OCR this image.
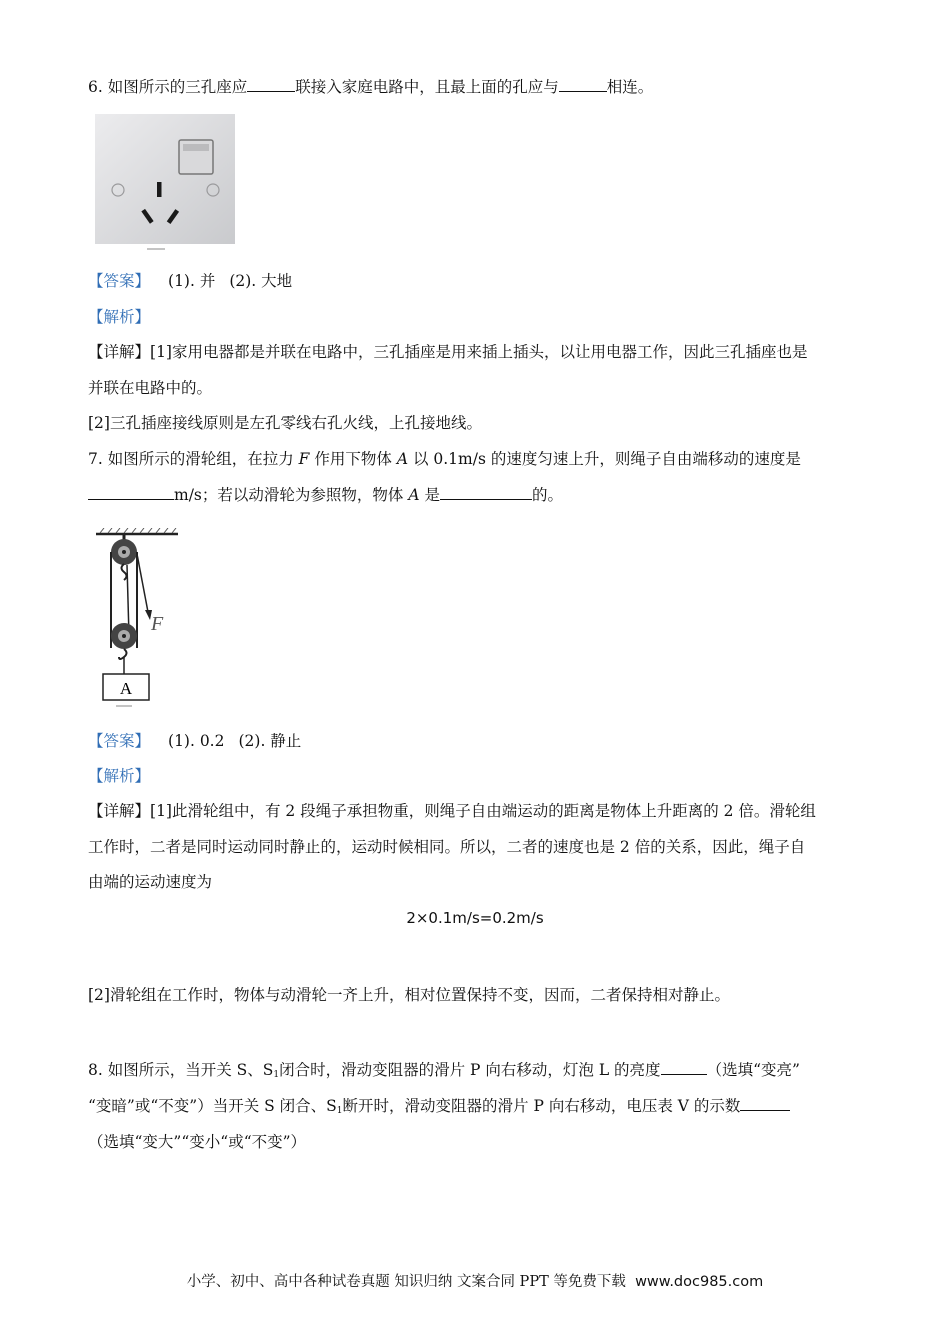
6. 如图所示的三孔座应	联接入家庭电路中，且最上面的孔应与	相连。
【答案】 (1). 并 (2). 大地
【解析】
【详解】[1]家用电器都是并联在电路中，三孔插座是用来插上插头，以让用电器工作，因此三孔插座也是
并联在电路中的。
[2]三孔插座接线原则是左孔零线右孔火线，上孔接地线。
7. 如图所示的滑轮组，在拉力 F 作用下物体 A 以 0.1m/s 的速度匀速上升，则绳子自由端移动的速度是
m/s；若以动滑轮为参照物，物体 A 是	的。
A
F
【答案】 (1). 0.2 (2). 静止
【解析】
【详解】[1]此滑轮组中，有 2 段绳子承担物重，则绳子自由端运动的距离是物体上升距离的 2 倍。滑轮组
工作时，二者是同时运动同时静止的，运动时候相同。所以，二者的速度也是 2 倍的关系，因此，绳子自
由端的运动速度为
2×0.1m/s=0.2m/s
[2]滑轮组在工作时，物体与动滑轮一齐上升，相对位置保持不变，因而，二者保持相对静止。
8. 如图所示，当开关 S、$S_1$闭合时，滑动变阻器的滑片 P 向右移动，灯泡 L 的亮度	（选填“变亮”
“变暗”或“不变”）当开关 S 闭合、$S_1$断开时，滑动变阻器的滑片 P 向右移动，电压表 V 的示数
（选填“变大”“变小“或“不变”）
小学、初中、高中各种试卷真题 知识归纳 文案合同 PPT 等免费下载 www.doc985.com
